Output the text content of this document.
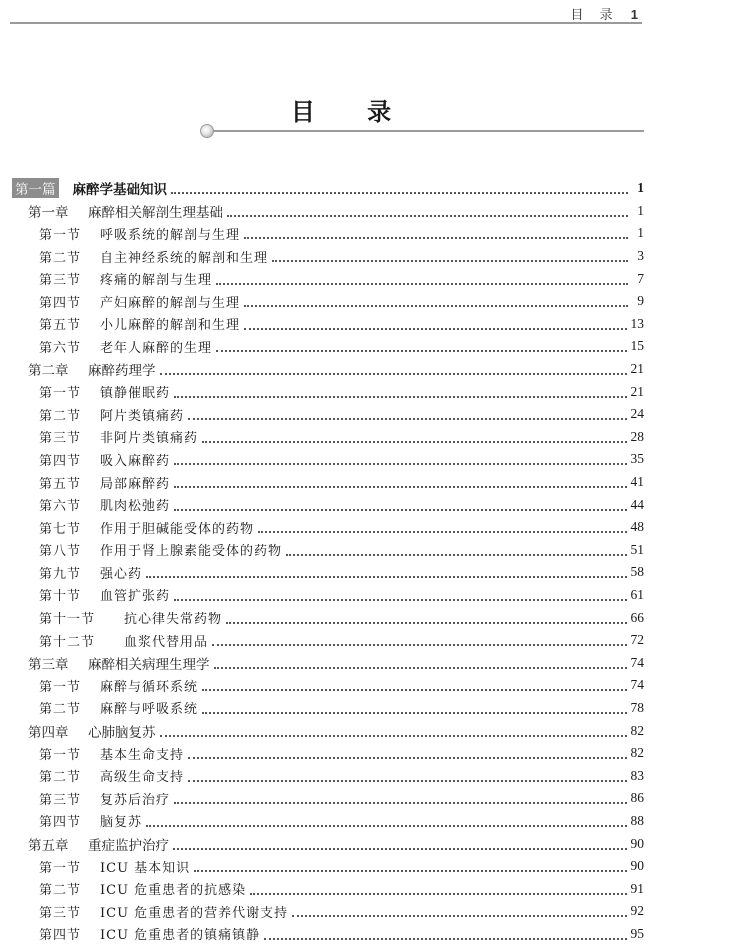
目 录 1
目 录
第一篇 麻醉学基础知识	1
第一章	麻醉相关解剖生理基础	1
第一节	呼吸系统的解剖与生理	1
第二节	自主神经系统的解剖和生理	3
第三节	疼痛的解剖与生理	7
第四节	产妇麻醉的解剖与生理	9
第五节	小儿麻醉的解剖和生理	13
第六节	老年人麻醉的生理	15
第二章	麻醉药理学	21
第一节	镇静催眠药	21
第二节	阿片类镇痛药	24
第三节	非阿片类镇痛药	28
第四节	吸入麻醉药	35
第五节	局部麻醉药	41
第六节	肌肉松弛药	44
第七节	作用于胆碱能受体的药物	48
第八节	作用于肾上腺素能受体的药物	51
第九节	强心药	58
第十节	血管扩张药	61
第十一节	抗心律失常药物	66
第十二节	血浆代替用品	72
第三章	麻醉相关病理生理学	74
第一节	麻醉与循环系统	74
第二节	麻醉与呼吸系统	78
第四章	心肺脑复苏	82
第一节	基本生命支持	82
第二节	高级生命支持	83
第三节	复苏后治疗	86
第四节	脑复苏	88
第五章	重症监护治疗	90
第一节	ICU 基本知识	90
第二节	ICU 危重患者的抗感染	91
第三节	ICU 危重患者的营养代谢支持	92
第四节	ICU 危重患者的镇痛镇静	95
